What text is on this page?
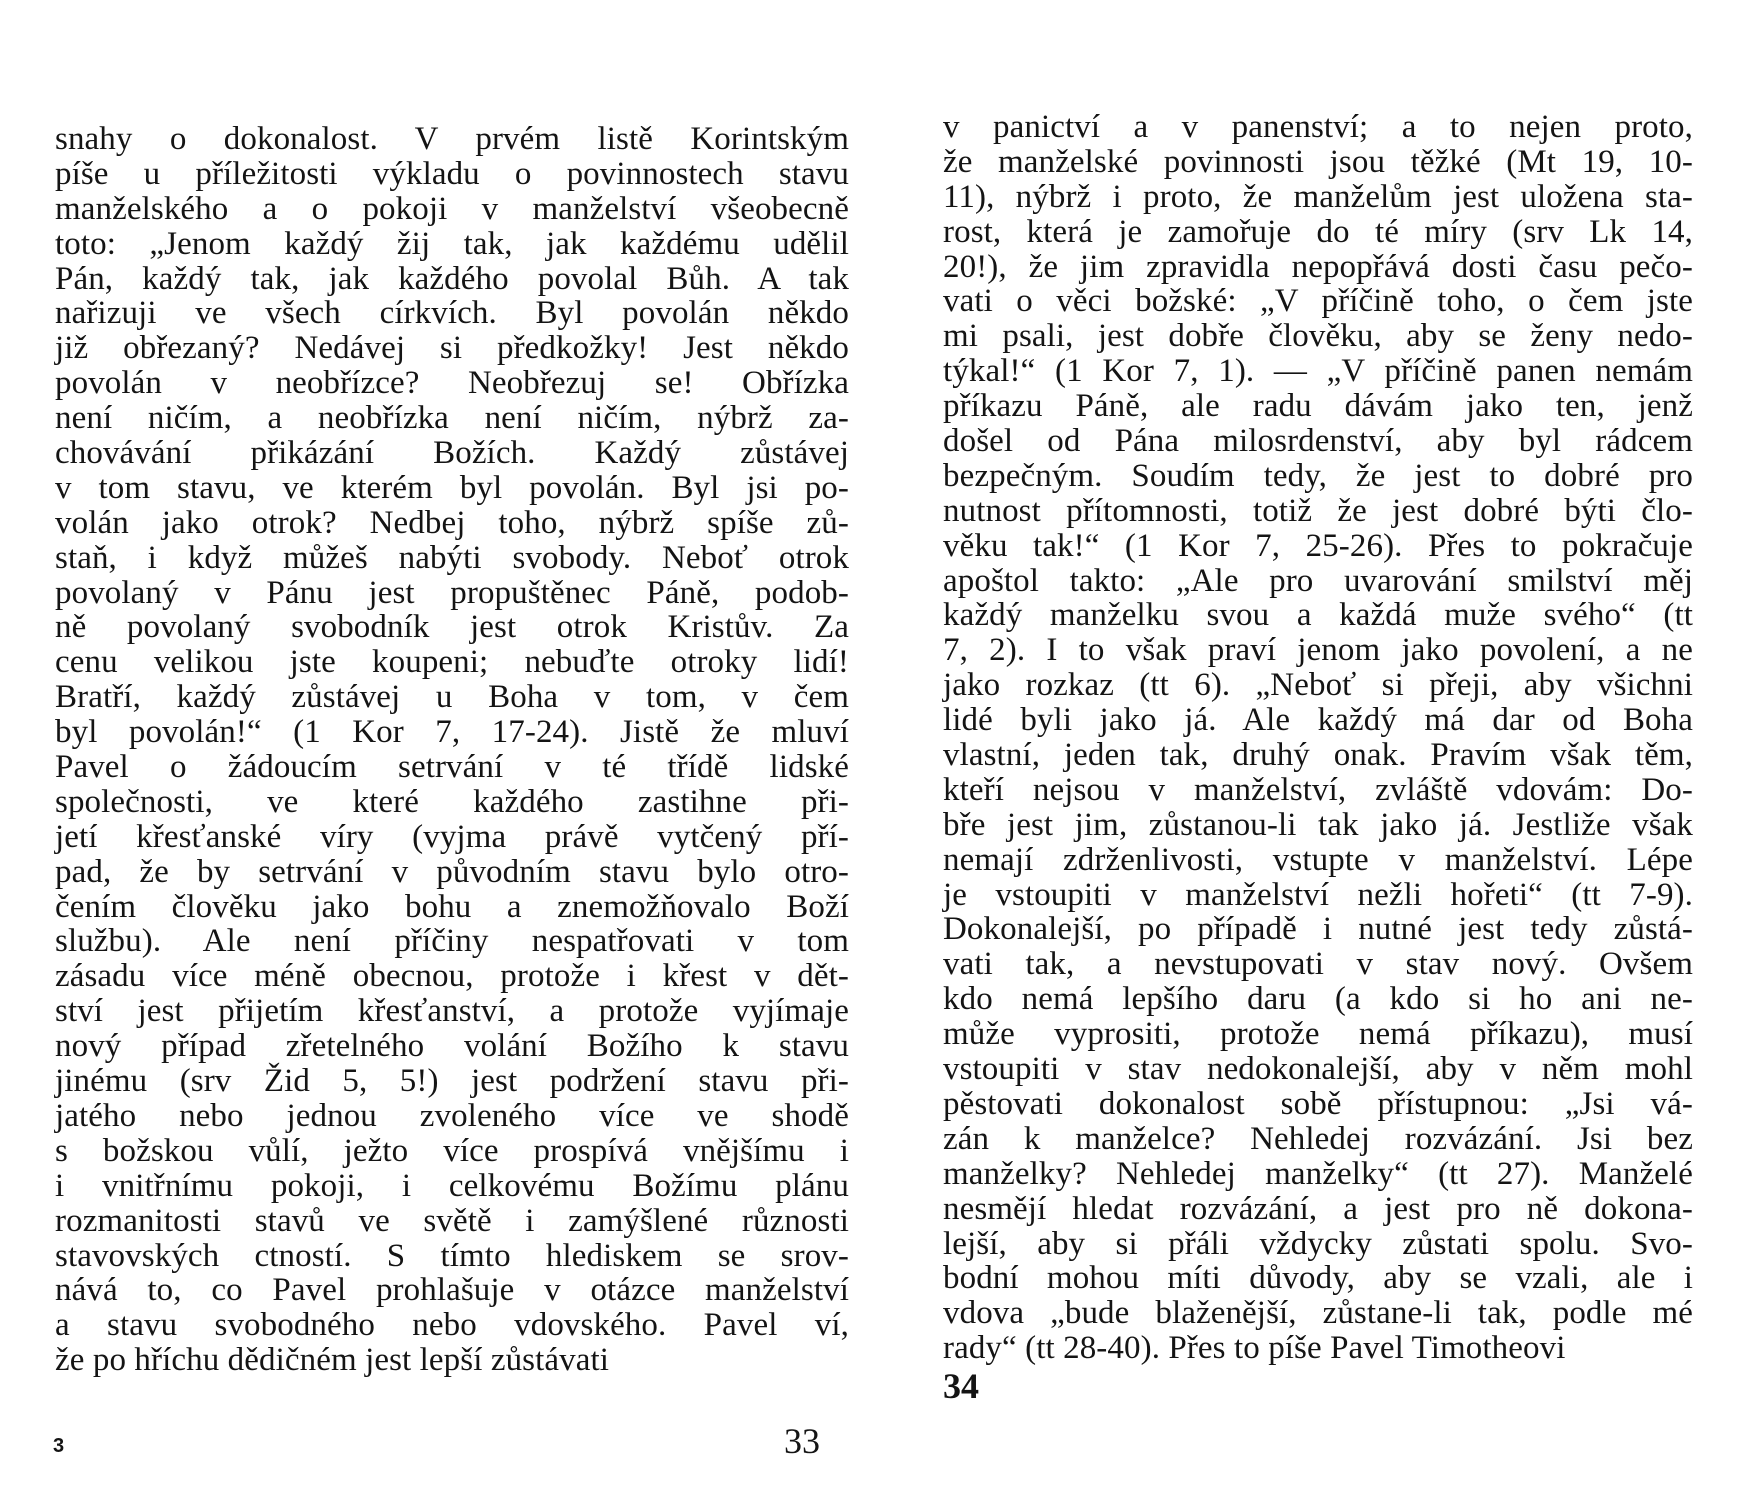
snahy o dokonalost. V prvém listě Korintským
píše u příležitosti výkladu o povinnostech stavu
manželského a o pokoji v manželství všeobecně
toto: „Jenom každý žij tak, jak každému udělil
Pán, každý tak, jak každého povolal Bůh. A tak
nařizuji ve všech církvích. Byl povolán někdo
již obřezaný? Nedávej si předkožky! Jest někdo
povolán v neobřízce? Neobřezuj se! Obřízka
není ničím, a neobřízka není ničím, nýbrž za-
chovávání přikázání Božích. Každý zůstávej
v tom stavu, ve kterém byl povolán. Byl jsi po-
volán jako otrok? Nedbej toho, nýbrž spíše zů-
staň, i když můžeš nabýti svobody. Neboť otrok
povolaný v Pánu jest propuštěnec Páně, podob-
ně povolaný svobodník jest otrok Kristův. Za
cenu velikou jste koupeni; nebuďte otroky lidí!
Bratří, každý zůstávej u Boha v tom, v čem
byl povolán!“ (1 Kor 7, 17-24). Jistě že mluví
Pavel o žádoucím setrvání v té třídě lidské
společnosti, ve které každého zastihne při-
jetí křesťanské víry (vyjma právě vytčený pří-
pad, že by setrvání v původním stavu bylo otro-
čením člověku jako bohu a znemožňovalo Boží
službu). Ale není příčiny nespatřovati v tom
zásadu více méně obecnou, protože i křest v dět-
ství jest přijetím křesťanství, a protože vyjímaje
nový případ zřetelného volání Božího k stavu
jinému (srv Žid 5, 5!) jest podržení stavu při-
jatého nebo jednou zvoleného více ve shodě
s božskou vůlí, ježto více prospívá vnějšímu i
i vnitřnímu pokoji, i celkovému Božímu plánu
rozmanitosti stavů ve světě i zamýšlené různosti
stavovských ctností. S tímto hlediskem se srov-
nává to, co Pavel prohlašuje v otázce manželství
a stavu svobodného nebo vdovského. Pavel ví,
že po hříchu dědičném jest lepší zůstávati
3	33
v panictví a v panenství; a to nejen proto,
že manželské povinnosti jsou těžké (Mt 19, 10-
11), nýbrž i proto, že manželům jest uložena sta-
rost, která je zamořuje do té míry (srv Lk 14,
20!), že jim zpravidla nepopřává dosti času pečo-
vati o věci božské: „V příčině toho, o čem jste
mi psali, jest dobře člověku, aby se ženy nedo-
týkal!“ (1 Kor 7, 1). — „V příčině panen nemám
příkazu Páně, ale radu dávám jako ten, jenž
došel od Pána milosrdenství, aby byl rádcem
bezpečným. Soudím tedy, že jest to dobré pro
nutnost přítomnosti, totiž že jest dobré býti člo-
věku tak!“ (1 Kor 7, 25-26). Přes to pokračuje
apoštol takto: „Ale pro uvarování smilství měj
každý manželku svou a každá muže svého“ (tt
7, 2). I to však praví jenom jako povolení, a ne
jako rozkaz (tt 6). „Neboť si přeji, aby všichni
lidé byli jako já. Ale každý má dar od Boha
vlastní, jeden tak, druhý onak. Pravím však těm,
kteří nejsou v manželství, zvláště vdovám: Do-
bře jest jim, zůstanou-li tak jako já. Jestliže však
nemají zdrženlivosti, vstupte v manželství. Lépe
je vstoupiti v manželství nežli hořeti“ (tt 7-9).
Dokonalejší, po případě i nutné jest tedy zůstá-
vati tak, a nevstupovati v stav nový. Ovšem
kdo nemá lepšího daru (a kdo si ho ani ne-
může vyprositi, protože nemá příkazu), musí
vstoupiti v stav nedokonalejší, aby v něm mohl
pěstovati dokonalost sobě přístupnou: „Jsi vá-
zán k manželce? Nehledej rozvázání. Jsi bez
manželky? Nehledej manželky“ (tt 27). Manželé
nesmějí hledat rozvázání, a jest pro ně dokona-
lejší, aby si přáli vždycky zůstati spolu. Svo-
bodní mohou míti důvody, aby se vzali, ale i
vdova „bude blaženější, zůstane-li tak, podle mé
rady“ (tt 28-40). Přes to píše Pavel Timotheovi
34
